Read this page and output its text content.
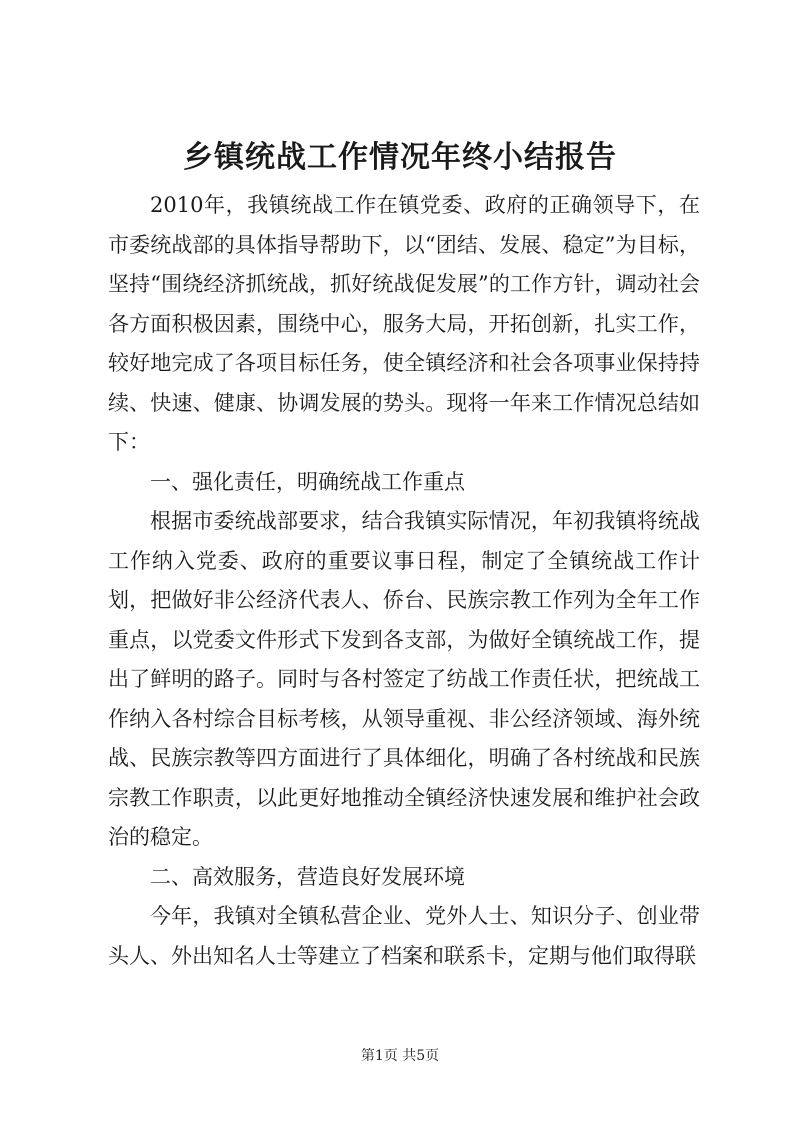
乡镇统战工作情况年终小结报告

2010年，我镇统战工作在镇党委、政府的正确领导下，在市委统战部的具体指导帮助下，以“团结、发展、稳定”为目标，坚持“围绕经济抓统战，抓好统战促发展”的工作方针，调动社会各方面积极因素，围绕中心，服务大局，开拓创新，扎实工作，较好地完成了各项目标任务，使全镇经济和社会各项事业保持持续、快速、健康、协调发展的势头。现将一年来工作情况总结如下：

一、强化责任，明确统战工作重点

根据市委统战部要求，结合我镇实际情况，年初我镇将统战工作纳入党委、政府的重要议事日程，制定了全镇统战工作计划，把做好非公经济代表人、侨台、民族宗教工作列为全年工作重点，以党委文件形式下发到各支部，为做好全镇统战工作，提出了鲜明的路子。同时与各村签定了纺战工作责任状，把统战工作纳入各村综合目标考核，从领导重视、非公经济领域、海外统战、民族宗教等四方面进行了具体细化，明确了各村统战和民族宗教工作职责，以此更好地推动全镇经济快速发展和维护社会政治的稳定。

二、高效服务，营造良好发展环境

今年，我镇对全镇私营企业、党外人士、知识分子、创业带头人、外出知名人士等建立了档案和联系卡，定期与他们取得联

第1页 共5页
